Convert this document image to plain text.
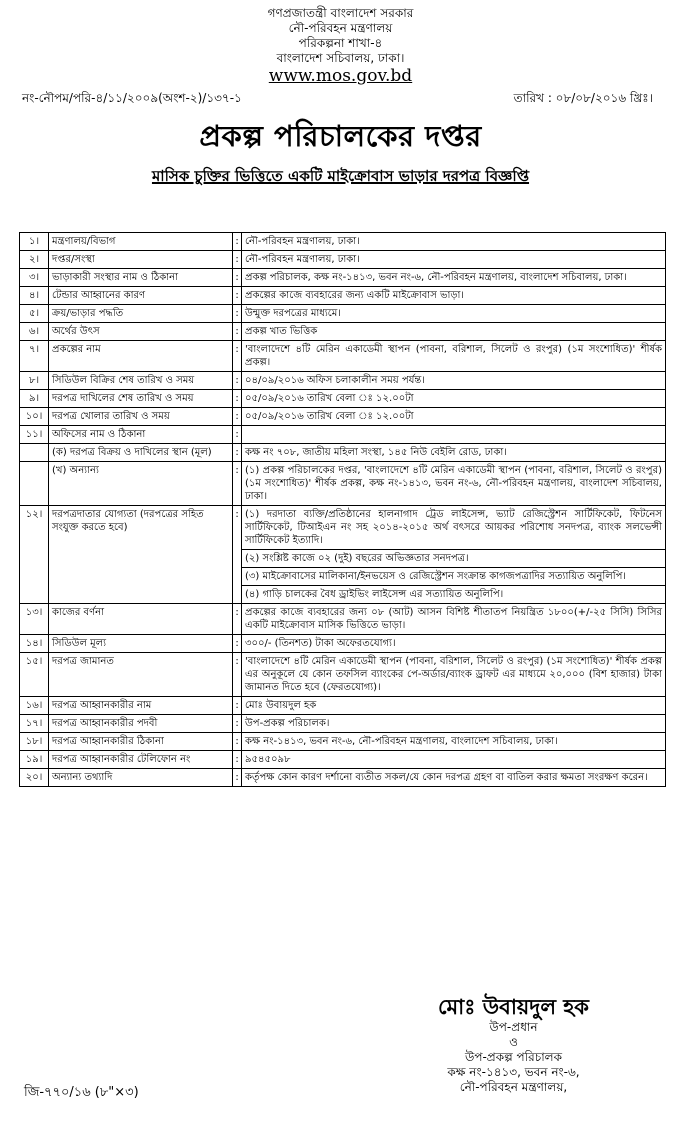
গণপ্রজাতন্ত্রী বাংলাদেশ সরকার
নৌ-পরিবহন মন্ত্রণালয়
পরিকল্পনা শাখা-৪
বাংলাদেশ সচিবালয়, ঢাকা।
www.mos.gov.bd
নং-নৌপম/পরি-৪/১১/২০০৯(অংশ-২)/১৩৭-১	তারিখ : ০৮/০৮/২০১৬ খ্রিঃ।
প্রকল্প পরিচালকের দপ্তর
মাসিক চুক্তির ভিত্তিতে একটি মাইক্রোবাস ভাড়ার দরপত্র বিজ্ঞপ্তি
১।	মন্ত্রণালয়/বিভাগ	:	নৌ-পরিবহন মন্ত্রণালয়, ঢাকা।
২।	দপ্তর/সংস্থা	:	নৌ-পরিবহন মন্ত্রণালয়, ঢাকা।
৩।	ভাড়াকারী সংস্থার নাম ও ঠিকানা	:	প্রকল্প পরিচালক, কক্ষ নং-১৪১৩, ভবন নং-৬, নৌ-পরিবহন মন্ত্রণালয়, বাংলাদেশ সচিবালয়, ঢাকা।
৪।	টেন্ডার আহ্বানের কারণ	:	প্রকল্পের কাজে ব্যবহারের জন্য একটি মাইক্রোবাস ভাড়া।
৫।	ক্রয়/ভাড়ার পদ্ধতি	:	উন্মুক্ত দরপত্রের মাধ্যমে।
৬।	অর্থের উৎস	:	প্রকল্প খাত ভিত্তিক
৭।	প্রকল্পের নাম	:	'বাংলাদেশে ৪টি মেরিন একাডেমী স্থাপন (পাবনা, বরিশাল, সিলেট ও রংপুর) (১ম সংশোধিত)' শীর্ষক প্রকল্প।
৮।	সিডিউল বিক্রির শেষ তারিখ ও সময়	:	০৪/০৯/২০১৬ অফিস চলাকালীন সময় পর্যন্ত।
৯।	দরপত্র দাখিলের শেষ তারিখ ও সময়	:	০৫/০৯/২০১৬ তারিখ বেলা ঃ ১২.০০টা
১০।	দরপত্র খোলার তারিখ ও সময়	:	০৫/০৯/২০১৬ তারিখ বেলা ঃ ১২.০০টা
১১।	অফিসের নাম ও ঠিকানা	:	
	(ক) দরপত্র বিক্রয় ও দাখিলের স্থান (মূল)	:	কক্ষ নং ৭০৮, জাতীয় মহিলা সংস্থা, ১৪৫ নিউ বেইলি রোড, ঢাকা।
	(খ) অন্যান্য	:	(১) প্রকল্প পরিচালকের দপ্তর, 'বাংলাদেশে ৪টি মেরিন একাডেমী স্থাপন (পাবনা, বরিশাল, সিলেট ও রংপুর) (১ম সংশোধিত)' শীর্ষক প্রকল্প, কক্ষ নং-১৪১৩, ভবন নং-৬, নৌ-পরিবহন মন্ত্রণালয়, বাংলাদেশ সচিবালয়, ঢাকা।
১২।	দরপত্রদাতার যোগ্যতা (দরপত্রের সহিত সংযুক্ত করতে হবে)	:	(১) দরদাতা ব্যক্তি/প্রতিষ্ঠানের হালনাগাদ ট্রেড লাইসেন্স, ভ্যাট রেজিস্ট্রেশন সার্টিফিকেট, ফিটনেস সার্টিফিকেট, টিআইএন নং সহ ২০১৪-২০১৫ অর্থ বৎসরে আয়কর পরিশোধ সনদপত্র, ব্যাংক সলভেন্সী সার্টিফিকেট ইত্যাদি।
			(২) সংশ্লিষ্ট কাজে ০২ (দুই) বছরের অভিজ্ঞতার সনদপত্র।
			(৩) মাইক্রোবাসের মালিকানা/ইনভয়েস ও রেজিস্ট্রেশন সংক্রান্ত কাগজপত্রাদির সত্যায়িত অনুলিপি।
			(৪) গাড়ি চালকের বৈধ ড্রাইভিং লাইসেন্স এর সত্যায়িত অনুলিপি।
১৩।	কাজের বর্ণনা	:	প্রকল্পের কাজে ব্যবহারের জন্য ০৮ (আট) আসন বিশিষ্ট শীতাতপ নিয়ন্ত্রিত ১৮০০(+/-২৫ সিসি) সিসির একটি মাইক্রোবাস মাসিক ভিত্তিতে ভাড়া।
১৪।	সিডিউল মূল্য	:	৩০০/- (তিনশত) টাকা অফেরতযোগ্য।
১৫।	দরপত্র জামানত	:	'বাংলাদেশে ৪টি মেরিন একাডেমী স্থাপন (পাবনা, বরিশাল, সিলেট ও রংপুর) (১ম সংশোধিত)' শীর্ষক প্রকল্প এর অনুকূলে যে কোন তফসিল ব্যাংকের পে-অর্ডার/ব্যাংক ড্রাফট এর মাধ্যমে ২০,০০০ (বিশ হাজার) টাকা জামানত দিতে হবে (ফেরতযোগ্য)।
১৬।	দরপত্র আহ্বানকারীর নাম	:	মোঃ উবায়দুল হক
১৭।	দরপত্র আহ্বানকারীর পদবী	:	উপ-প্রকল্প পরিচালক।
১৮।	দরপত্র আহ্বানকারীর ঠিকানা	:	কক্ষ নং-১৪১৩, ভবন নং-৬, নৌ-পরিবহন মন্ত্রণালয়, বাংলাদেশ সচিবালয়, ঢাকা।
১৯।	দরপত্র আহ্বানকারীর টেলিফোন নং	:	৯৫৪৫০৯৮
২০।	অন্যান্য তথ্যাদি	:	কর্তৃপক্ষ কোন কারণ দর্শানো ব্যতীত সকল/যে কোন দরপত্র গ্রহণ বা বাতিল করার ক্ষমতা সংরক্ষণ করেন।
মোঃ উবায়দুল হক
উপ-প্রধান
ও
উপ-প্রকল্প পরিচালক
কক্ষ নং-১৪১৩, ভবন নং-৬,
নৌ-পরিবহন মন্ত্রণালয়,
জি-৭৭০/১৬ (৮"×৩)
